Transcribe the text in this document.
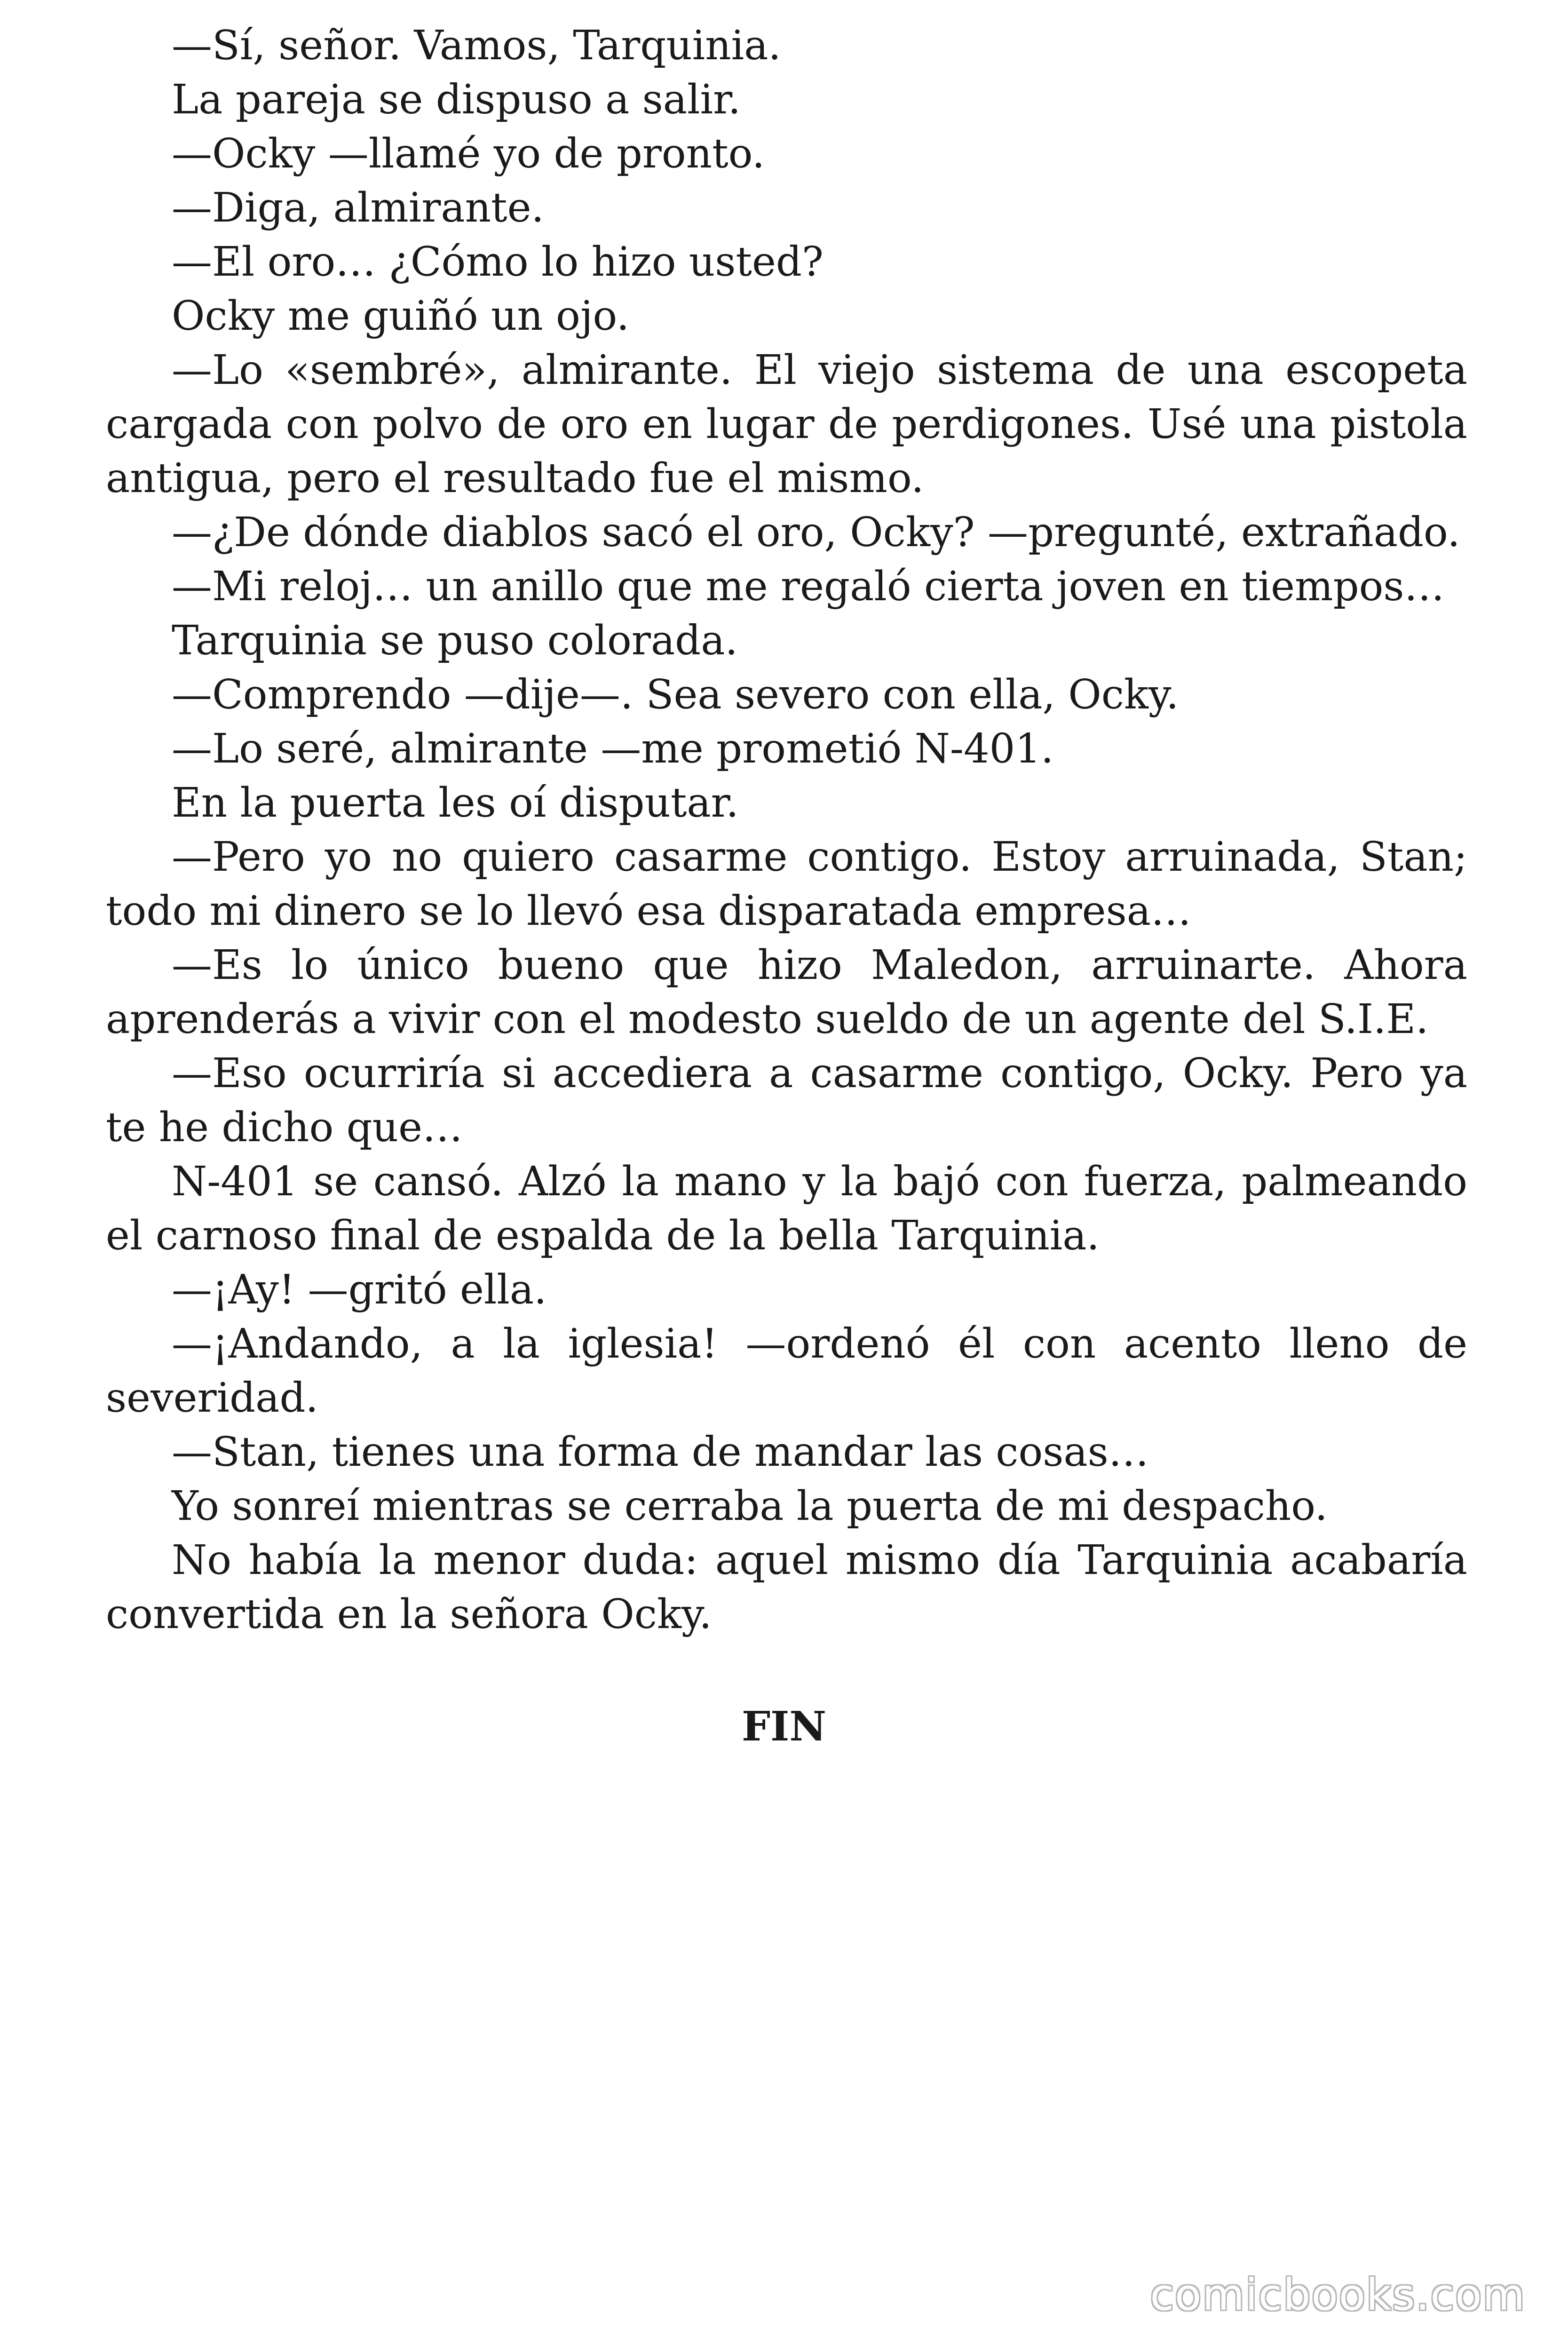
—Sí, señor. Vamos, Tarquinia.

La pareja se dispuso a salir.

—Ocky —llamé yo de pronto.

—Diga, almirante.

—El oro… ¿Cómo lo hizo usted?

Ocky me guiñó un ojo.

—Lo «sembré», almirante. El viejo sistema de una escopeta cargada con polvo de oro en lugar de perdigones. Usé una pistola antigua, pero el resultado fue el mismo.

—¿De dónde diablos sacó el oro, Ocky? —pregunté, extrañado.

—Mi reloj… un anillo que me regaló cierta joven en tiempos…

Tarquinia se puso colorada.

—Comprendo —dije—. Sea severo con ella, Ocky.

—Lo seré, almirante —me prometió N-401.

En la puerta les oí disputar.

—Pero yo no quiero casarme contigo. Estoy arruinada, Stan; todo mi dinero se lo llevó esa disparatada empresa…

—Es lo único bueno que hizo Maledon, arruinarte. Ahora aprenderás a vivir con el modesto sueldo de un agente del S.I.E.

—Eso ocurriría si accediera a casarme contigo, Ocky. Pero ya te he dicho que…

N-401 se cansó. Alzó la mano y la bajó con fuerza, palmeando el carnoso final de espalda de la bella Tarquinia.

—¡Ay! —gritó ella.

—¡Andando, a la iglesia! —ordenó él con acento lleno de severidad.

—Stan, tienes una forma de mandar las cosas…

Yo sonreí mientras se cerraba la puerta de mi despacho.

No había la menor duda: aquel mismo día Tarquinia acabaría convertida en la señora Ocky.

FIN
comicbooks.com
